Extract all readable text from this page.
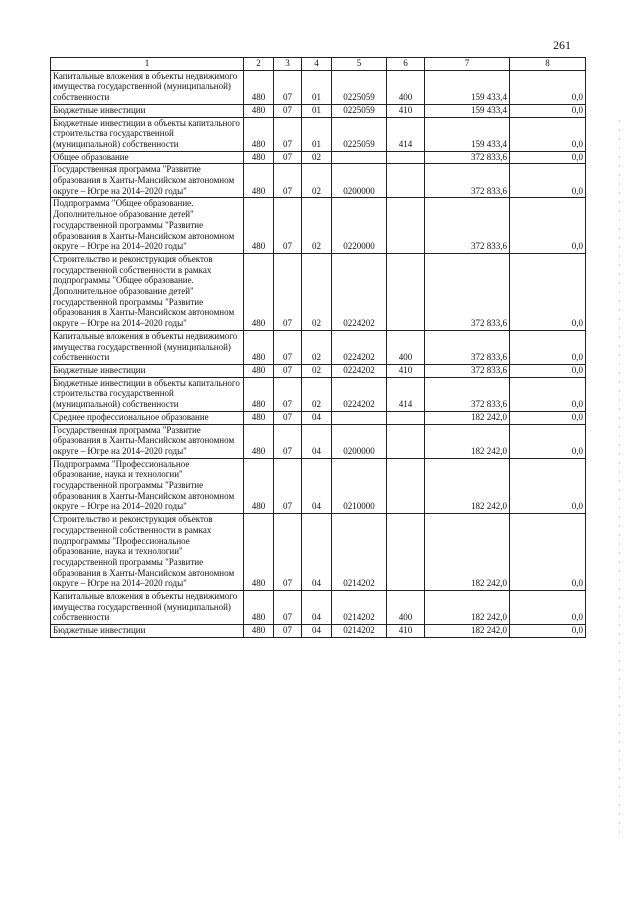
261
1	2	3	4	5	6	7	8
Капитальные вложения в объекты недвижимого имущества государственной (муниципальной) собственности	480	07	01	0225059	400	159 433,4	0,0
Бюджетные инвестиции	480	07	01	0225059	410	159 433,4	0,0
Бюджетные инвестиции в объекты капитального строительства государственной (муниципальной) собственности	480	07	01	0225059	414	159 433,4	0,0
Общее образование	480	07	02			372 833,6	0,0
Государственная программа "Развитие образования в Ханты-Мансийском автономном округе – Югре на 2014–2020 годы"	480	07	02	0200000		372 833,6	0,0
Подпрограмма "Общее образование. Дополнительное образование детей" государственной программы "Развитие образования в Ханты-Мансийском автономном округе – Югре на 2014–2020 годы"	480	07	02	0220000		372 833,6	0,0
Строительство и реконструкция объектов государственной собственности в рамках подпрограммы "Общее образование. Дополнительное образование детей" государственной программы "Развитие образования в Ханты-Мансийском автономном округе – Югре на 2014–2020 годы"	480	07	02	0224202		372 833,6	0,0
Капитальные вложения в объекты недвижимого имущества государственной (муниципальной) собственности	480	07	02	0224202	400	372 833,6	0,0
Бюджетные инвестиции	480	07	02	0224202	410	372 833,6	0,0
Бюджетные инвестиции в объекты капитального строительства государственной (муниципальной) собственности	480	07	02	0224202	414	372 833,6	0,0
Среднее профессиональное образование	480	07	04			182 242,0	0,0
Государственная программа "Развитие образования в Ханты-Мансийском автономном округе – Югре на 2014–2020 годы"	480	07	04	0200000		182 242,0	0,0
Подпрограмма "Профессиональное образование, наука и технологии" государственной программы "Развитие образования в Ханты-Мансийском автономном округе – Югре на 2014–2020 годы"	480	07	04	0210000		182 242,0	0,0
Строительство и реконструкция объектов государственной собственности в рамках подпрограммы "Профессиональное образование, наука и технологии" государственной программы "Развитие образования в Ханты-Мансийском автономном округе – Югре на 2014–2020 годы"	480	07	04	0214202		182 242,0	0,0
Капитальные вложения в объекты недвижимого имущества государственной (муниципальной) собственности	480	07	04	0214202	400	182 242,0	0,0
Бюджетные инвестиции	480	07	04	0214202	410	182 242,0	0,0
